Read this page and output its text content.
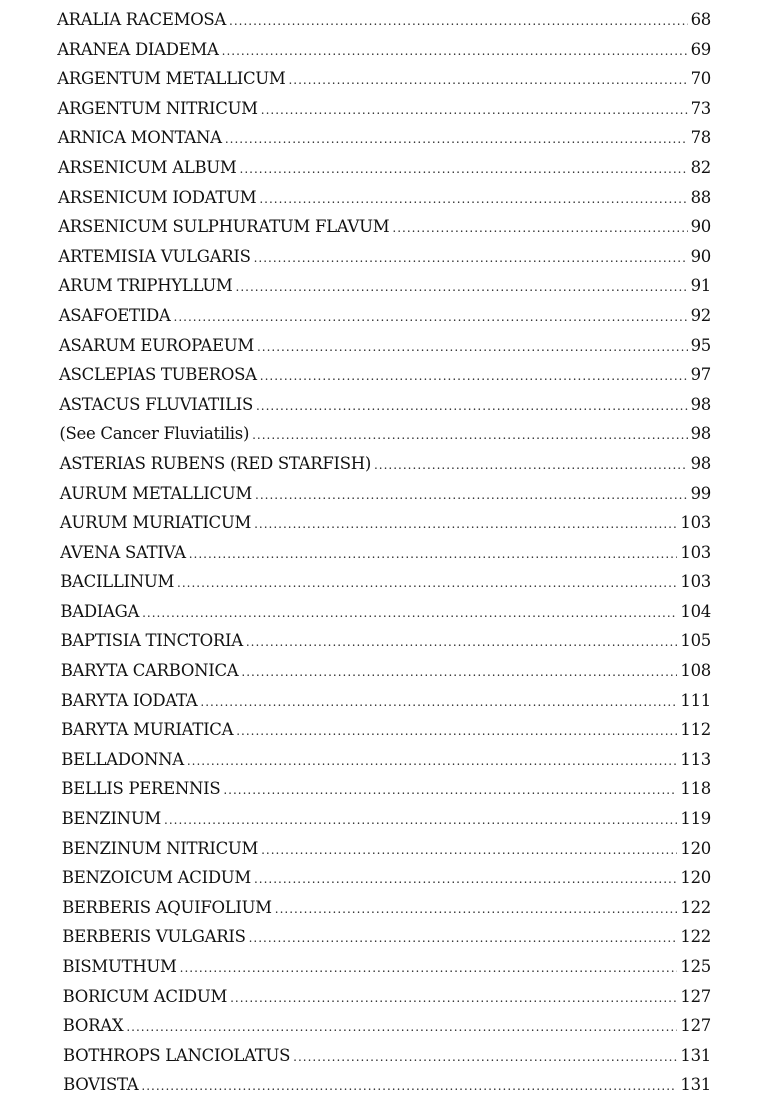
ARALIA RACEMOSA .....	68
ARANEA DIADEMA .....	69
ARGENTUM METALLICUM .....	70
ARGENTUM NITRICUM .....	73
ARNICA MONTANA .....	78
ARSENICUM ALBUM .....	82
ARSENICUM IODATUM .....	88
ARSENICUM SULPHURATUM FLAVUM .....	90
ARTEMISIA VULGARIS .....	90
ARUM TRIPHYLLUM .....	91
ASAFOETIDA .....	92
ASARUM EUROPAEUM .....	95
ASCLEPIAS TUBEROSA .....	97
ASTACUS FLUVIATILIS .....	98
(See Cancer Fluviatilis) .....	98
ASTERIAS RUBENS (RED STARFISH) .....	98
AURUM METALLICUM .....	99
AURUM MURIATICUM .....	103
AVENA SATIVA .....	103
BACILLINUM .....	103
BADIAGA .....	104
BAPTISIA TINCTORIA .....	105
BARYTA CARBONICA .....	108
BARYTA IODATA .....	111
BARYTA MURIATICA .....	112
BELLADONNA .....	113
BELLIS PERENNIS .....	118
BENZINUM .....	119
BENZINUM NITRICUM .....	120
BENZOICUM ACIDUM .....	120
BERBERIS AQUIFOLIUM .....	122
BERBERIS VULGARIS .....	122
BISMUTHUM .....	125
BORICUM ACIDUM .....	127
BORAX .....	127
BOTHROPS LANCIOLATUS .....	131
BOVISTA .....	131
